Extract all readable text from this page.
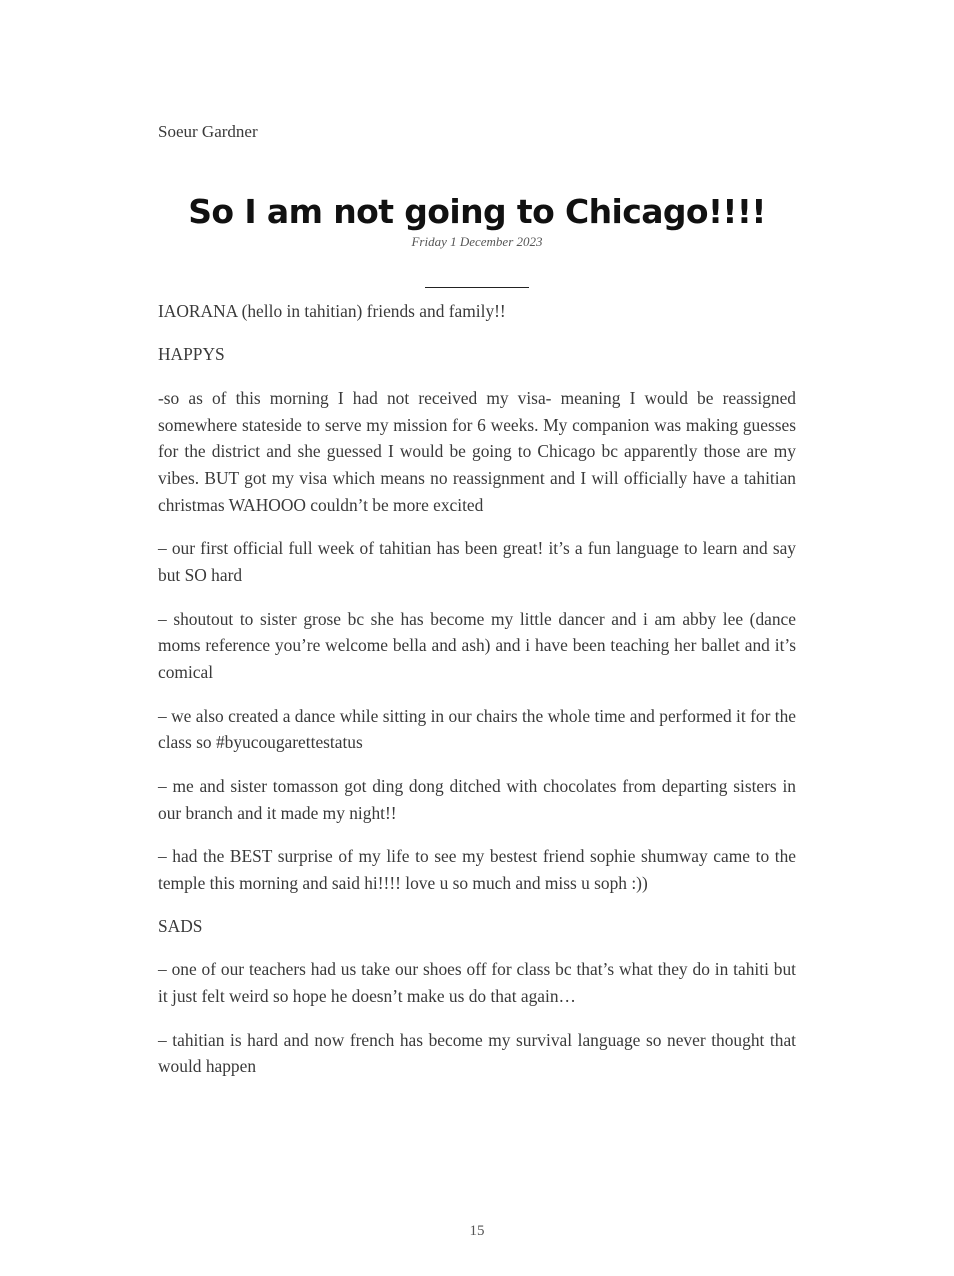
Soeur Gardner
So I am not going to Chicago!!!!
Friday 1 December 2023

IAORANA (hello in tahitian) friends and family!!

HAPPYS

-so as of this morning I had not received my visa- meaning I would be reassigned somewhere stateside to serve my mission for 6 weeks. My companion was making guesses for the district and she guessed I would be going to Chicago bc apparently those are my vibes. BUT got my visa which means no reassignment and I will officially have a tahitian christmas WAHOOO couldn’t be more excited

– our first official full week of tahitian has been great! it’s a fun language to learn and say but SO hard

– shoutout to sister grose bc she has become my little dancer and i am abby lee (dance moms reference you’re welcome bella and ash) and i have been teaching her ballet and it’s comical

– we also created a dance while sitting in our chairs the whole time and performed it for the class so #byucougarettestatus

– me and sister tomasson got ding dong ditched with chocolates from departing sisters in our branch and it made my night!!

– had the BEST surprise of my life to see my bestest friend sophie shumway came to the temple this morning and said hi!!!! love u so much and miss u soph :))

SADS

– one of our teachers had us take our shoes off for class bc that’s what they do in tahiti but it just felt weird so hope he doesn’t make us do that again…

– tahitian is hard and now french has become my survival language so never thought that would happen

15
